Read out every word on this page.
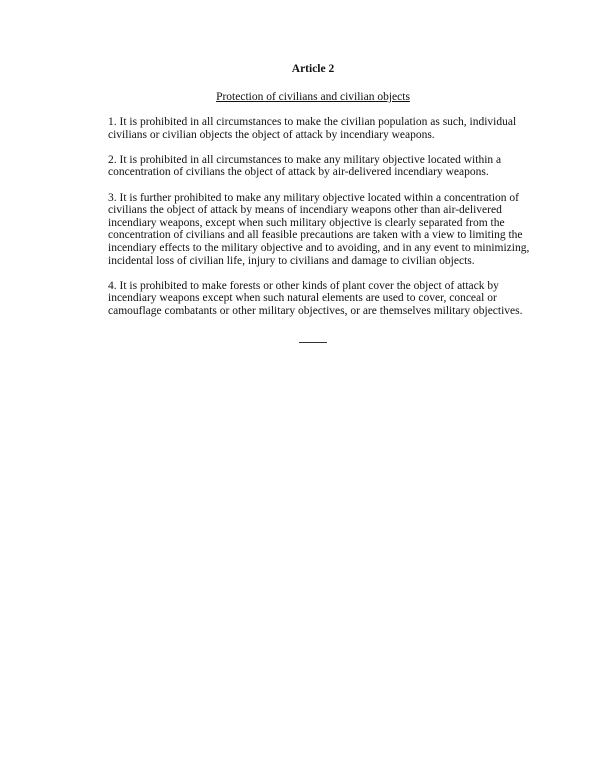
Article 2
Protection of civilians and civilian objects
1. It is prohibited in all circumstances to make the civilian population as such, individual
civilians or civilian objects the object of attack by incendiary weapons.
2. It is prohibited in all circumstances to make any military objective located within a
concentration of civilians the object of attack by air-delivered incendiary weapons.
3. It is further prohibited to make any military objective located within a concentration of
civilians the object of attack by means of incendiary weapons other than air-delivered
incendiary weapons, except when such military objective is clearly separated from the
concentration of civilians and all feasible precautions are taken with a view to limiting the
incendiary effects to the military objective and to avoiding, and in any event to minimizing,
incidental loss of civilian life, injury to civilians and damage to civilian objects.
4. It is prohibited to make forests or other kinds of plant cover the object of attack by
incendiary weapons except when such natural elements are used to cover, conceal or
camouflage combatants or other military objectives, or are themselves military objectives.
